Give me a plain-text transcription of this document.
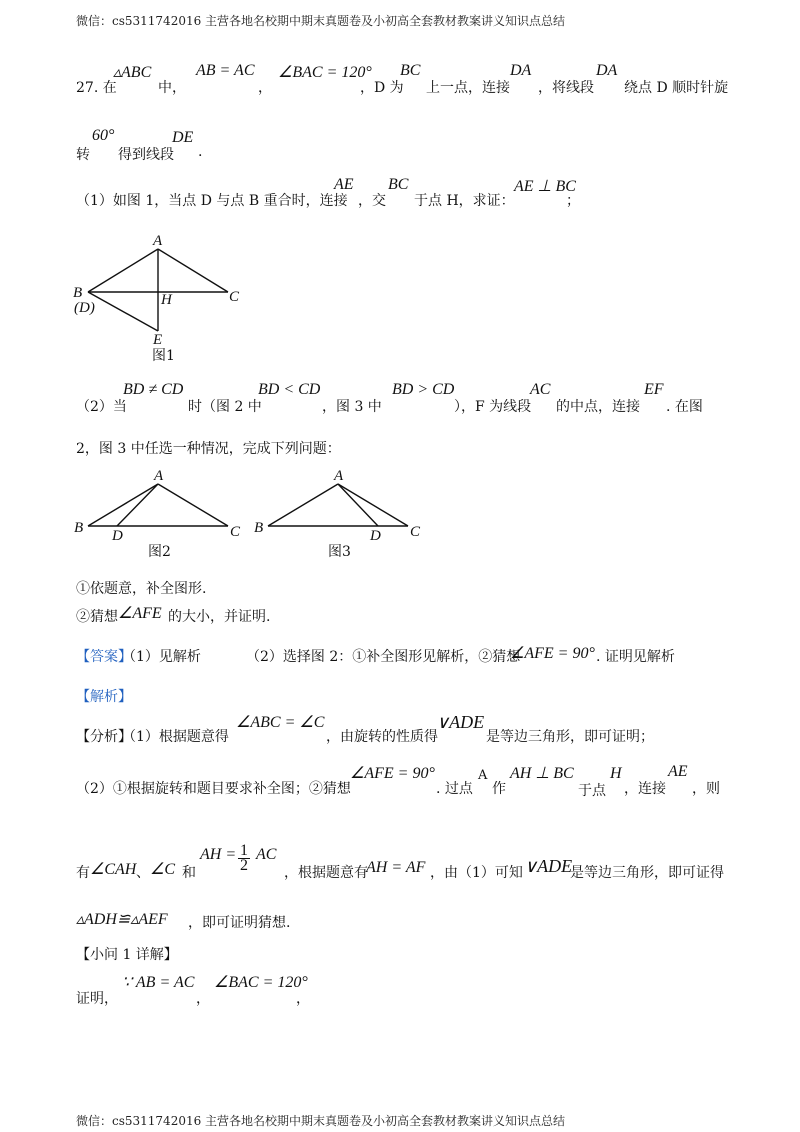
微信：cs5311742016 主营各地名校期中期末真题卷及小初高全套教材教案讲义知识点总结
微信：cs5311742016 主营各地名校期中期末真题卷及小初高全套教材教案讲义知识点总结
27. 在
▵ABC
中，
AB = AC
，
∠BAC = 120°
，D 为
BC
上一点，连接
DA
，将线段
DA
绕点 D 顺时针旋
转
60°
得到线段
DE
.
（1）如图 1，当点 D 与点 B 重合时，连接
AE
，交
BC
于点 H，求证：
AE ⊥ BC
；
A
B
(D)	H	C
E
图1
（2）当
BD ≠ CD
时（图 2 中
BD < CD
，图 3 中
BD > CD
），F 为线段
AC
的中点，连接
EF
. 在图
2，图 3 中任选一种情况，完成下列问题：
A
B D	C
图2
A
B	D C
图3
①依题意，补全图形.
②猜想 ∠AFE 的大小，并证明.
【答案】
（1）见解析	（2）选择图 2：①补全图形见解析，②猜想
∠AFE = 90° . 证明见解析
【解析】
【分析】
（1）根据题意得
∠ABC = ∠C
，由旋转的性质得
∨ADE
是等边三角形，即可证明；
（2）①根据旋转和题目要求补全图；②猜想
∠AFE = 90°
. 过点
A
作
AH ⊥ BC
于点
H
，连接
AE
，则
有 ∠CAH 、 ∠C 和
AH = $\frac{1}{2}$ AC
，根据题意有
AH = AF ，由（1）可知 ∨ADE
是等边三角形，即可证得
▵ADH≌▵AEF ，即可证明猜想.
【小问 1 详解】
证明，
∵ AB = AC
，
∠BAC = 120°
，
